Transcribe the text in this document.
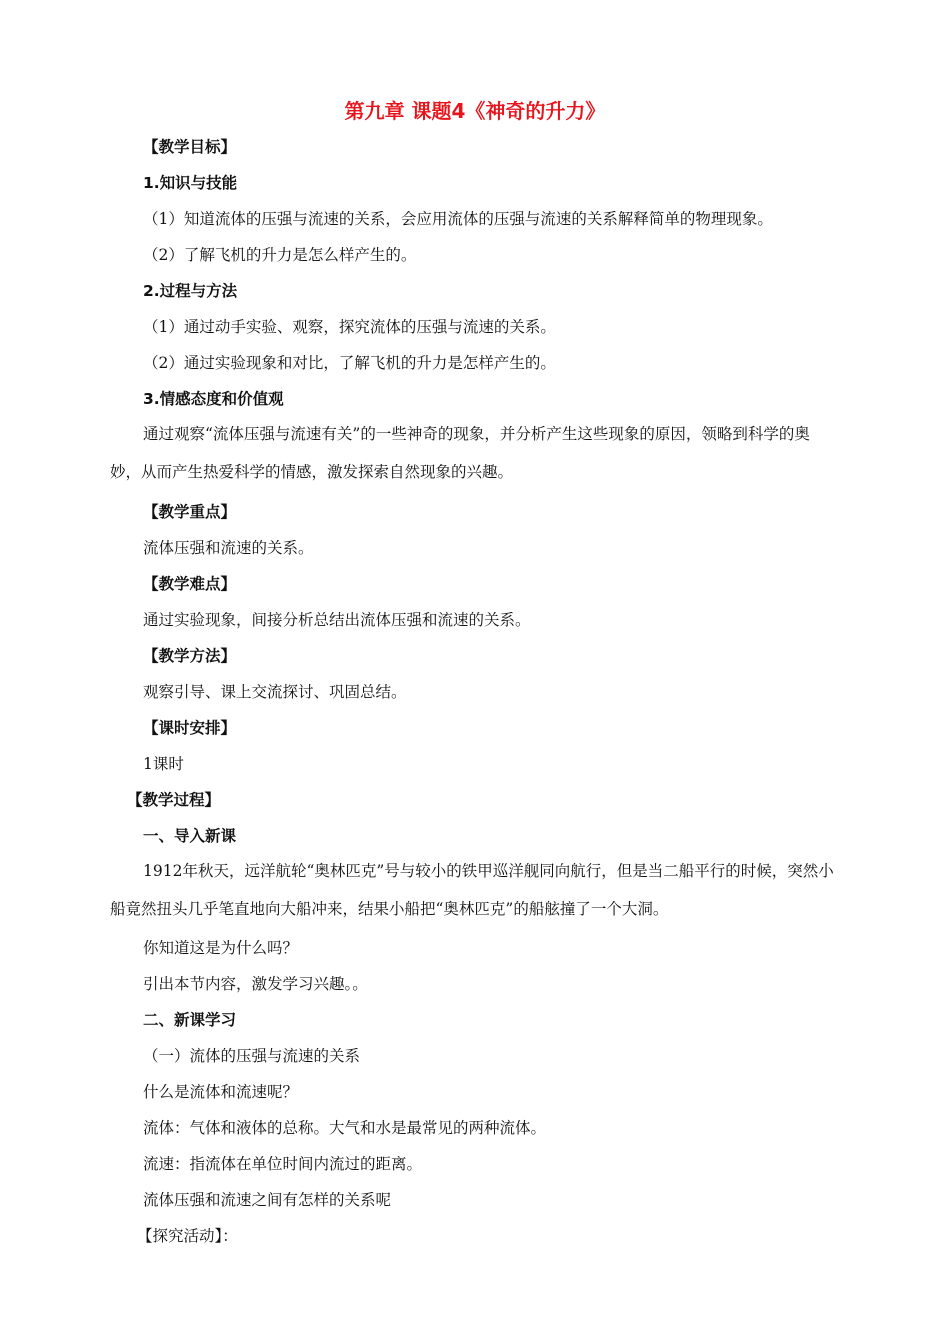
第九章 课题4《神奇的升力》
【教学目标】
1.知识与技能
（1）知道流体的压强与流速的关系，会应用流体的压强与流速的关系解释简单的物理现象。
（2）了解飞机的升力是怎么样产生的。
2.过程与方法
（1）通过动手实验、观察，探究流体的压强与流速的关系。
（2）通过实验现象和对比，了解飞机的升力是怎样产生的。
3.情感态度和价值观
通过观察“流体压强与流速有关”的一些神奇的现象，并分析产生这些现象的原因，领略到科学的奥妙，从而产生热爱科学的情感，激发探索自然现象的兴趣。
【教学重点】
流体压强和流速的关系。
【教学难点】
通过实验现象，间接分析总结出流体压强和流速的关系。
【教学方法】
观察引导、课上交流探讨、巩固总结。
【课时安排】
1课时
【教学过程】
一、导入新课
1912年秋天，远洋航轮“奥林匹克”号与较小的铁甲巡洋舰同向航行，但是当二船平行的时候，突然小船竟然扭头几乎笔直地向大船冲来，结果小船把“奥林匹克”的船舷撞了一个大洞。
你知道这是为什么吗？
引出本节内容，激发学习兴趣。。
二、新课学习
（一）流体的压强与流速的关系
什么是流体和流速呢？
流体：气体和液体的总称。大气和水是最常见的两种流体。
流速：指流体在单位时间内流过的距离。
流体压强和流速之间有怎样的关系呢
【探究活动】：
